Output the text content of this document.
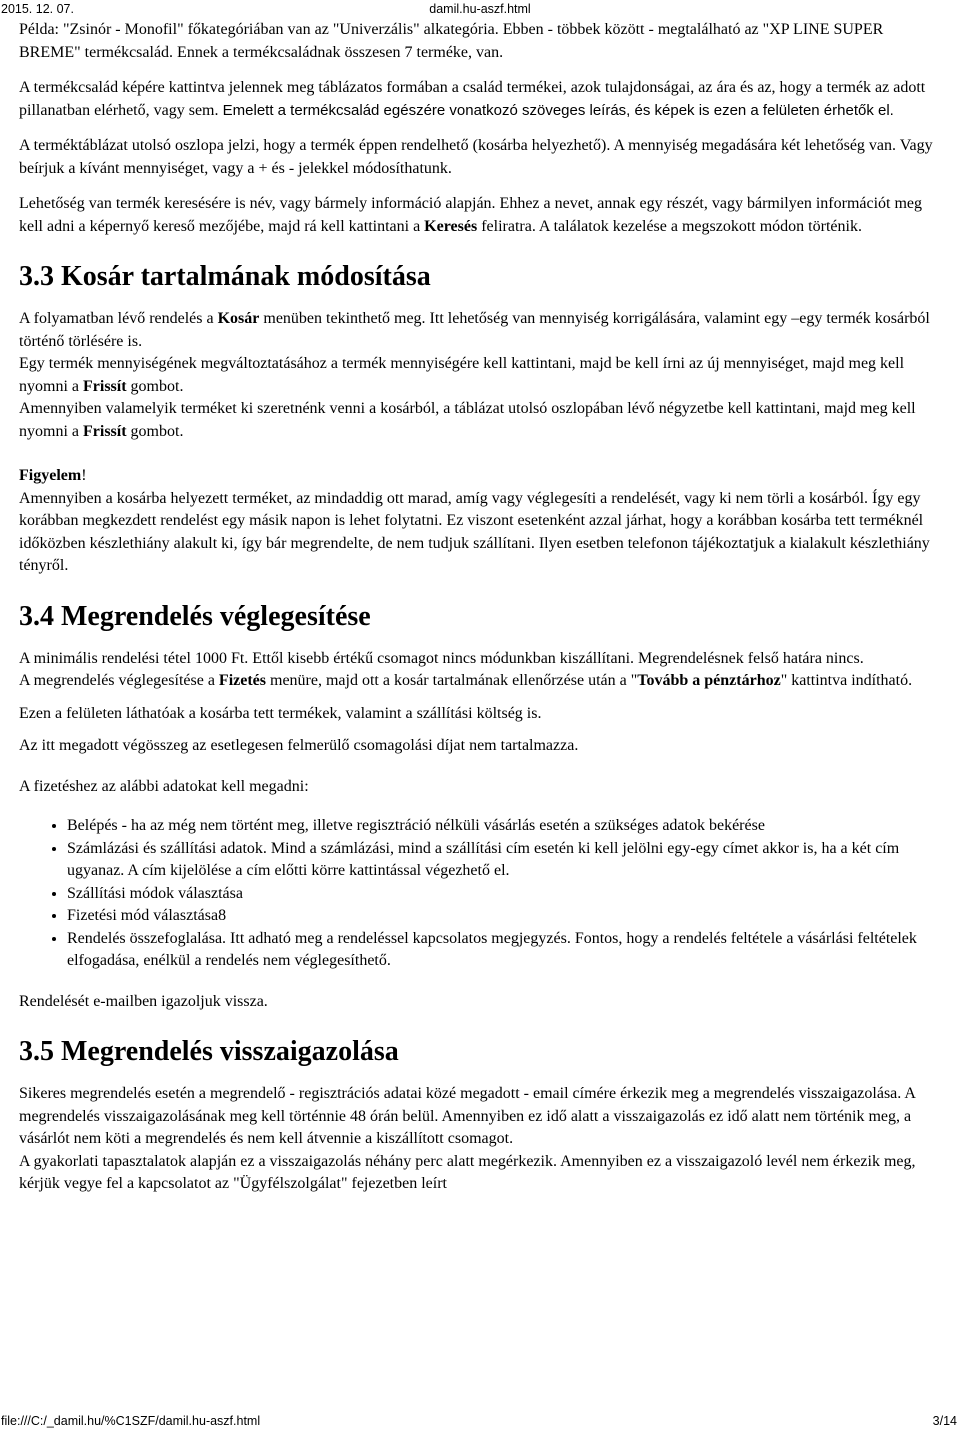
2015. 12. 07.	damil.hu-aszf.html

Példa: "Zsinór - Monofil" főkategóriában van az "Univerzális" alkategória. Ebben - többek között - megtalálható az "XP LINE SUPER BREME" termékcsalád. Ennek a termékcsaládnak összesen 7 terméke, van.

A termékcsalád képére kattintva jelennek meg táblázatos formában a család termékei, azok tulajdonságai, az ára és az, hogy a termék az adott pillanatban elérhető, vagy sem. Emelett a termékcsalád egészére vonatkozó szöveges leírás, és képek is ezen a felületen érhetők el.

A terméktáblázat utolsó oszlopa jelzi, hogy a termék éppen rendelhető (kosárba helyezhető). A mennyiség megadására két lehetőség van. Vagy beírjuk a kívánt mennyiséget, vagy a + és - jelekkel módosíthatunk.

Lehetőség van termék keresésére is név, vagy bármely információ alapján. Ehhez a nevet, annak egy részét, vagy bármilyen információt meg kell adni a képernyő kereső mezőjébe, majd rá kell kattintani a Keresés feliratra. A találatok kezelése a megszokott módon történik.

3.3 Kosár tartalmának módosítása

A folyamatban lévő rendelés a Kosár menüben tekinthető meg. Itt lehetőség van mennyiség korrigálására, valamint egy –egy termék kosárból történő törlésére is.

Egy termék mennyiségének megváltoztatásához a termék mennyiségére kell kattintani, majd be kell írni az új mennyiséget, majd meg kell nyomni a Frissít gombot.

Amennyiben valamelyik terméket ki szeretnénk venni a kosárból, a táblázat utolsó oszlopában lévő négyzetbe kell kattintani, majd meg kell nyomni a Frissít gombot.

Figyelem!

Amennyiben a kosárba helyezett terméket, az mindaddig ott marad, amíg vagy véglegesíti a rendelését, vagy ki nem törli a kosárból. Így egy korábban megkezdett rendelést egy másik napon is lehet folytatni. Ez viszont esetenként azzal járhat, hogy a korábban kosárba tett terméknél időközben készlethiány alakult ki, így bár megrendelte, de nem tudjuk szállítani. Ilyen esetben telefonon tájékoztatjuk a kialakult készlethiány tényről.

3.4 Megrendelés véglegesítése

A minimális rendelési tétel 1000 Ft. Ettől kisebb értékű csomagot nincs módunkban kiszállítani. Megrendelésnek felső határa nincs.

A megrendelés véglegesítése a Fizetés menüre, majd ott a kosár tartalmának ellenőrzése után a "Tovább a pénztárhoz" kattintva indítható.

Ezen a felületen láthatóak a kosárba tett termékek, valamint a szállítási költség is.

Az itt megadott végösszeg az esetlegesen felmerülő csomagolási díjat nem tartalmazza.

A fizetéshez az alábbi adatokat kell megadni:

• Belépés - ha az még nem történt meg, illetve regisztráció nélküli vásárlás esetén a szükséges adatok bekérése
• Számlázási és szállítási adatok. Mind a számlázási, mind a szállítási cím esetén ki kell jelölni egy-egy címet akkor is, ha a két cím ugyanaz. A cím kijelölése a cím előtti körre kattintással végezhető el.
• Szállítási módok választása
• Fizetési mód választása8
• Rendelés összefoglalása. Itt adható meg a rendeléssel kapcsolatos megjegyzés. Fontos, hogy a rendelés feltétele a vásárlási feltételek elfogadása, enélkül a rendelés nem véglegesíthető.

Rendelését e-mailben igazoljuk vissza.

3.5 Megrendelés visszaigazolása

Sikeres megrendelés esetén a megrendelő - regisztrációs adatai közé megadott - email címére érkezik meg a megrendelés visszaigazolása. A megrendelés visszaigazolásának meg kell történnie 48 órán belül. Amennyiben ez idő alatt a visszaigazolás ez idő alatt nem történik meg, a vásárlót nem köti a megrendelés és nem kell átvennie a kiszállított csomagot.

A gyakorlati tapasztalatok alapján ez a visszaigazolás néhány perc alatt megérkezik. Amennyiben ez a visszaigazoló levél nem érkezik meg, kérjük vegye fel a kapcsolatot az "Ügyfélszolgálat" fejezetben leírt

file:///C:/_damil.hu/%C1SZF/damil.hu-aszf.html	3/14
